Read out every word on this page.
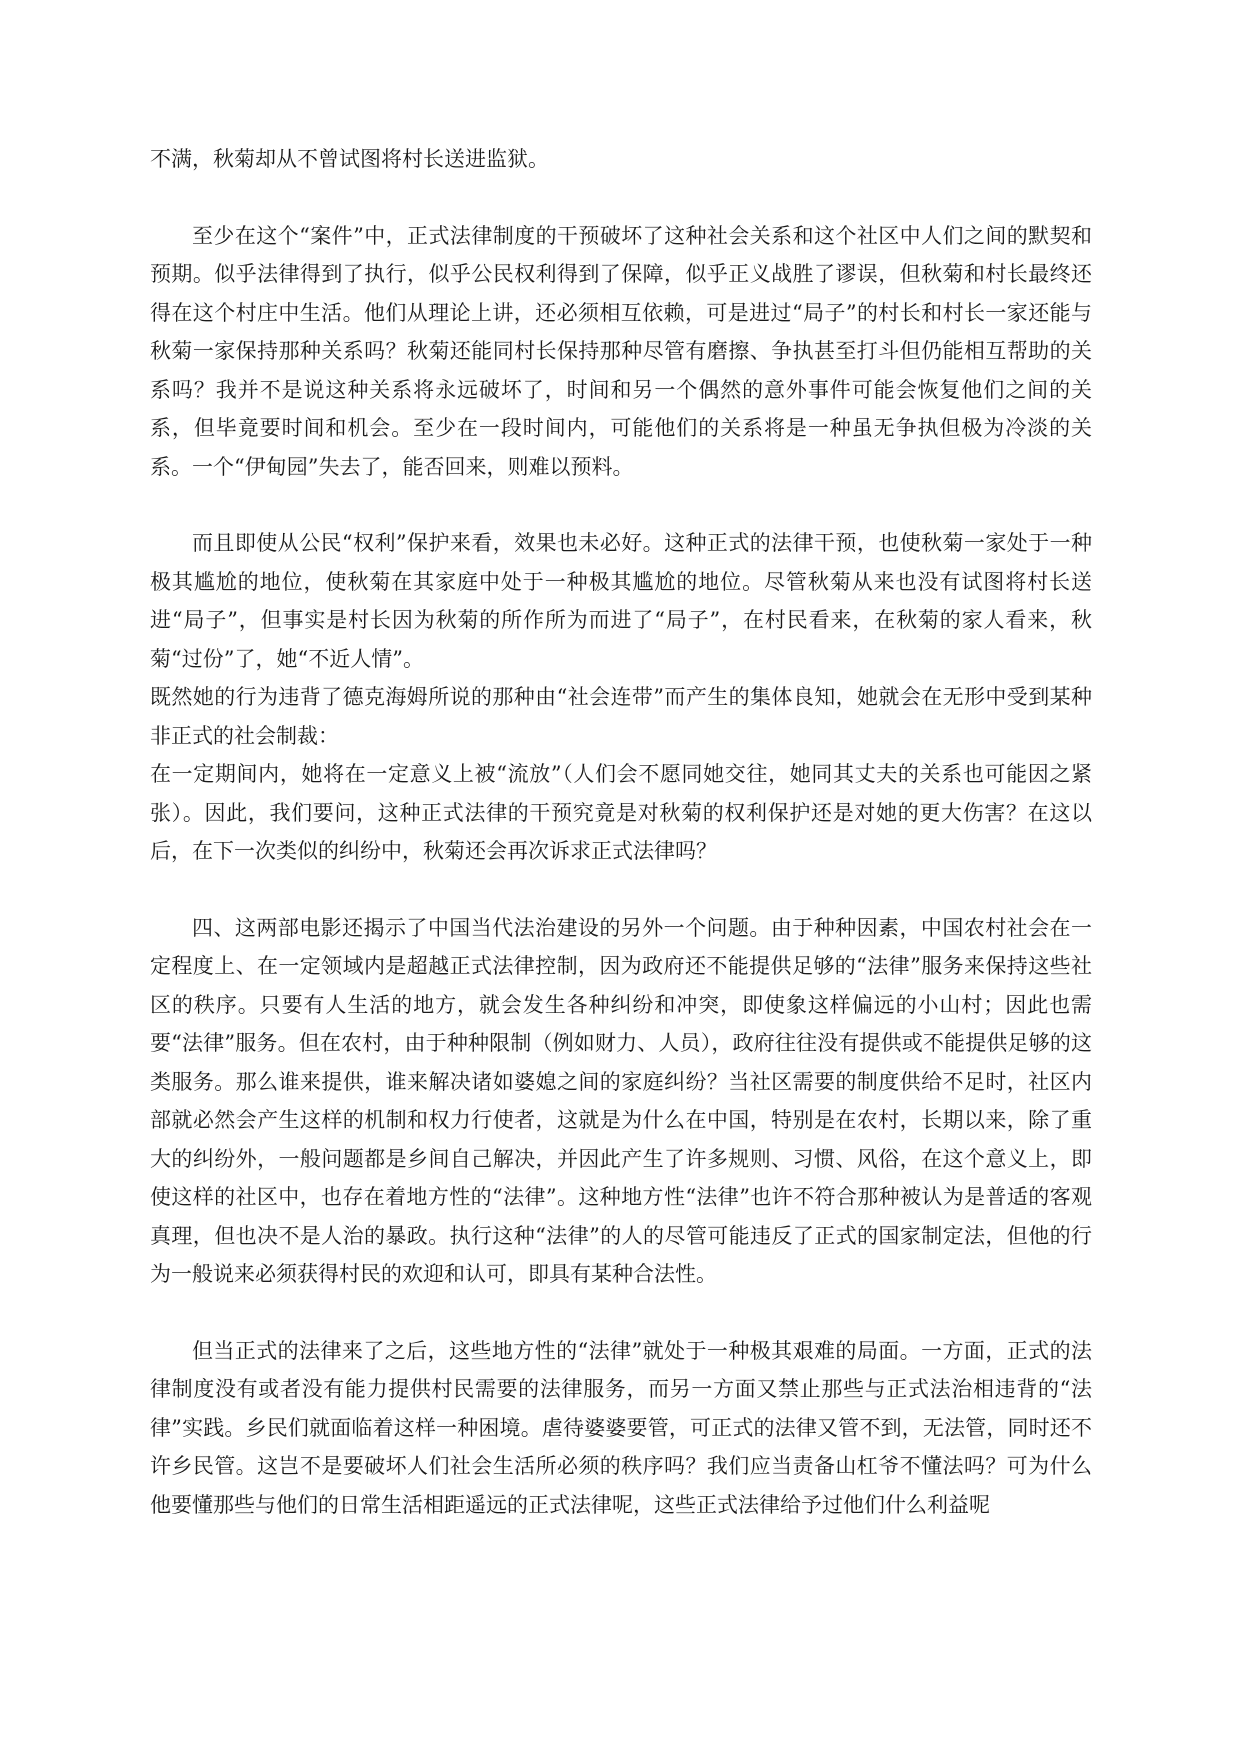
不满，秋菊却从不曾试图将村长送进监狱。

至少在这个“案件”中，正式法律制度的干预破坏了这种社会关系和这个社区中人们之间的默契和预期。似乎法律得到了执行，似乎公民权利得到了保障，似乎正义战胜了谬误，但秋菊和村长最终还得在这个村庄中生活。他们从理论上讲，还必须相互依赖，可是进过“局子”的村长和村长一家还能与秋菊一家保持那种关系吗？秋菊还能同村长保持那种尽管有磨擦、争执甚至打斗但仍能相互帮助的关系吗？我并不是说这种关系将永远破坏了，时间和另一个偶然的意外事件可能会恢复他们之间的关系，但毕竟要时间和机会。至少在一段时间内，可能他们的关系将是一种虽无争执但极为冷淡的关系。一个“伊甸园”失去了，能否回来，则难以预料。

而且即使从公民“权利”保护来看，效果也未必好。这种正式的法律干预，也使秋菊一家处于一种极其尴尬的地位，使秋菊在其家庭中处于一种极其尴尬的地位。尽管秋菊从来也没有试图将村长送进“局子”，但事实是村长因为秋菊的所作所为而进了“局子”，在村民看来，在秋菊的家人看来，秋菊“过份”了，她“不近人情”。

既然她的行为违背了德克海姆所说的那种由“社会连带”而产生的集体良知，她就会在无形中受到某种非正式的社会制裁：

在一定期间内，她将在一定意义上被“流放”（人们会不愿同她交往，她同其丈夫的关系也可能因之紧张）。因此，我们要问，这种正式法律的干预究竟是对秋菊的权利保护还是对她的更大伤害？在这以后，在下一次类似的纠纷中，秋菊还会再次诉求正式法律吗？

四、这两部电影还揭示了中国当代法治建设的另外一个问题。由于种种因素，中国农村社会在一定程度上、在一定领域内是超越正式法律控制，因为政府还不能提供足够的“法律”服务来保持这些社区的秩序。只要有人生活的地方，就会发生各种纠纷和冲突，即使象这样偏远的小山村；因此也需要“法律”服务。但在农村，由于种种限制（例如财力、人员），政府往往没有提供或不能提供足够的这类服务。那么谁来提供，谁来解决诸如婆媳之间的家庭纠纷？当社区需要的制度供给不足时，社区内部就必然会产生这样的机制和权力行使者，这就是为什么在中国，特别是在农村，长期以来，除了重大的纠纷外，一般问题都是乡间自己解决，并因此产生了许多规则、习惯、风俗，在这个意义上，即使这样的社区中，也存在着地方性的“法律”。这种地方性“法律”也许不符合那种被认为是普适的客观真理，但也决不是人治的暴政。执行这种“法律”的人的尽管可能违反了正式的国家制定法，但他的行为一般说来必须获得村民的欢迎和认可，即具有某种合法性。

但当正式的法律来了之后，这些地方性的“法律”就处于一种极其艰难的局面。一方面，正式的法律制度没有或者没有能力提供村民需要的法律服务，而另一方面又禁止那些与正式法治相违背的“法律”实践。乡民们就面临着这样一种困境。虐待婆婆要管，可正式的法律又管不到，无法管，同时还不许乡民管。这岂不是要破坏人们社会生活所必须的秩序吗？我们应当责备山杠爷不懂法吗？可为什么他要懂那些与他们的日常生活相距遥远的正式法律呢，这些正式法律给予过他们什么利益呢
